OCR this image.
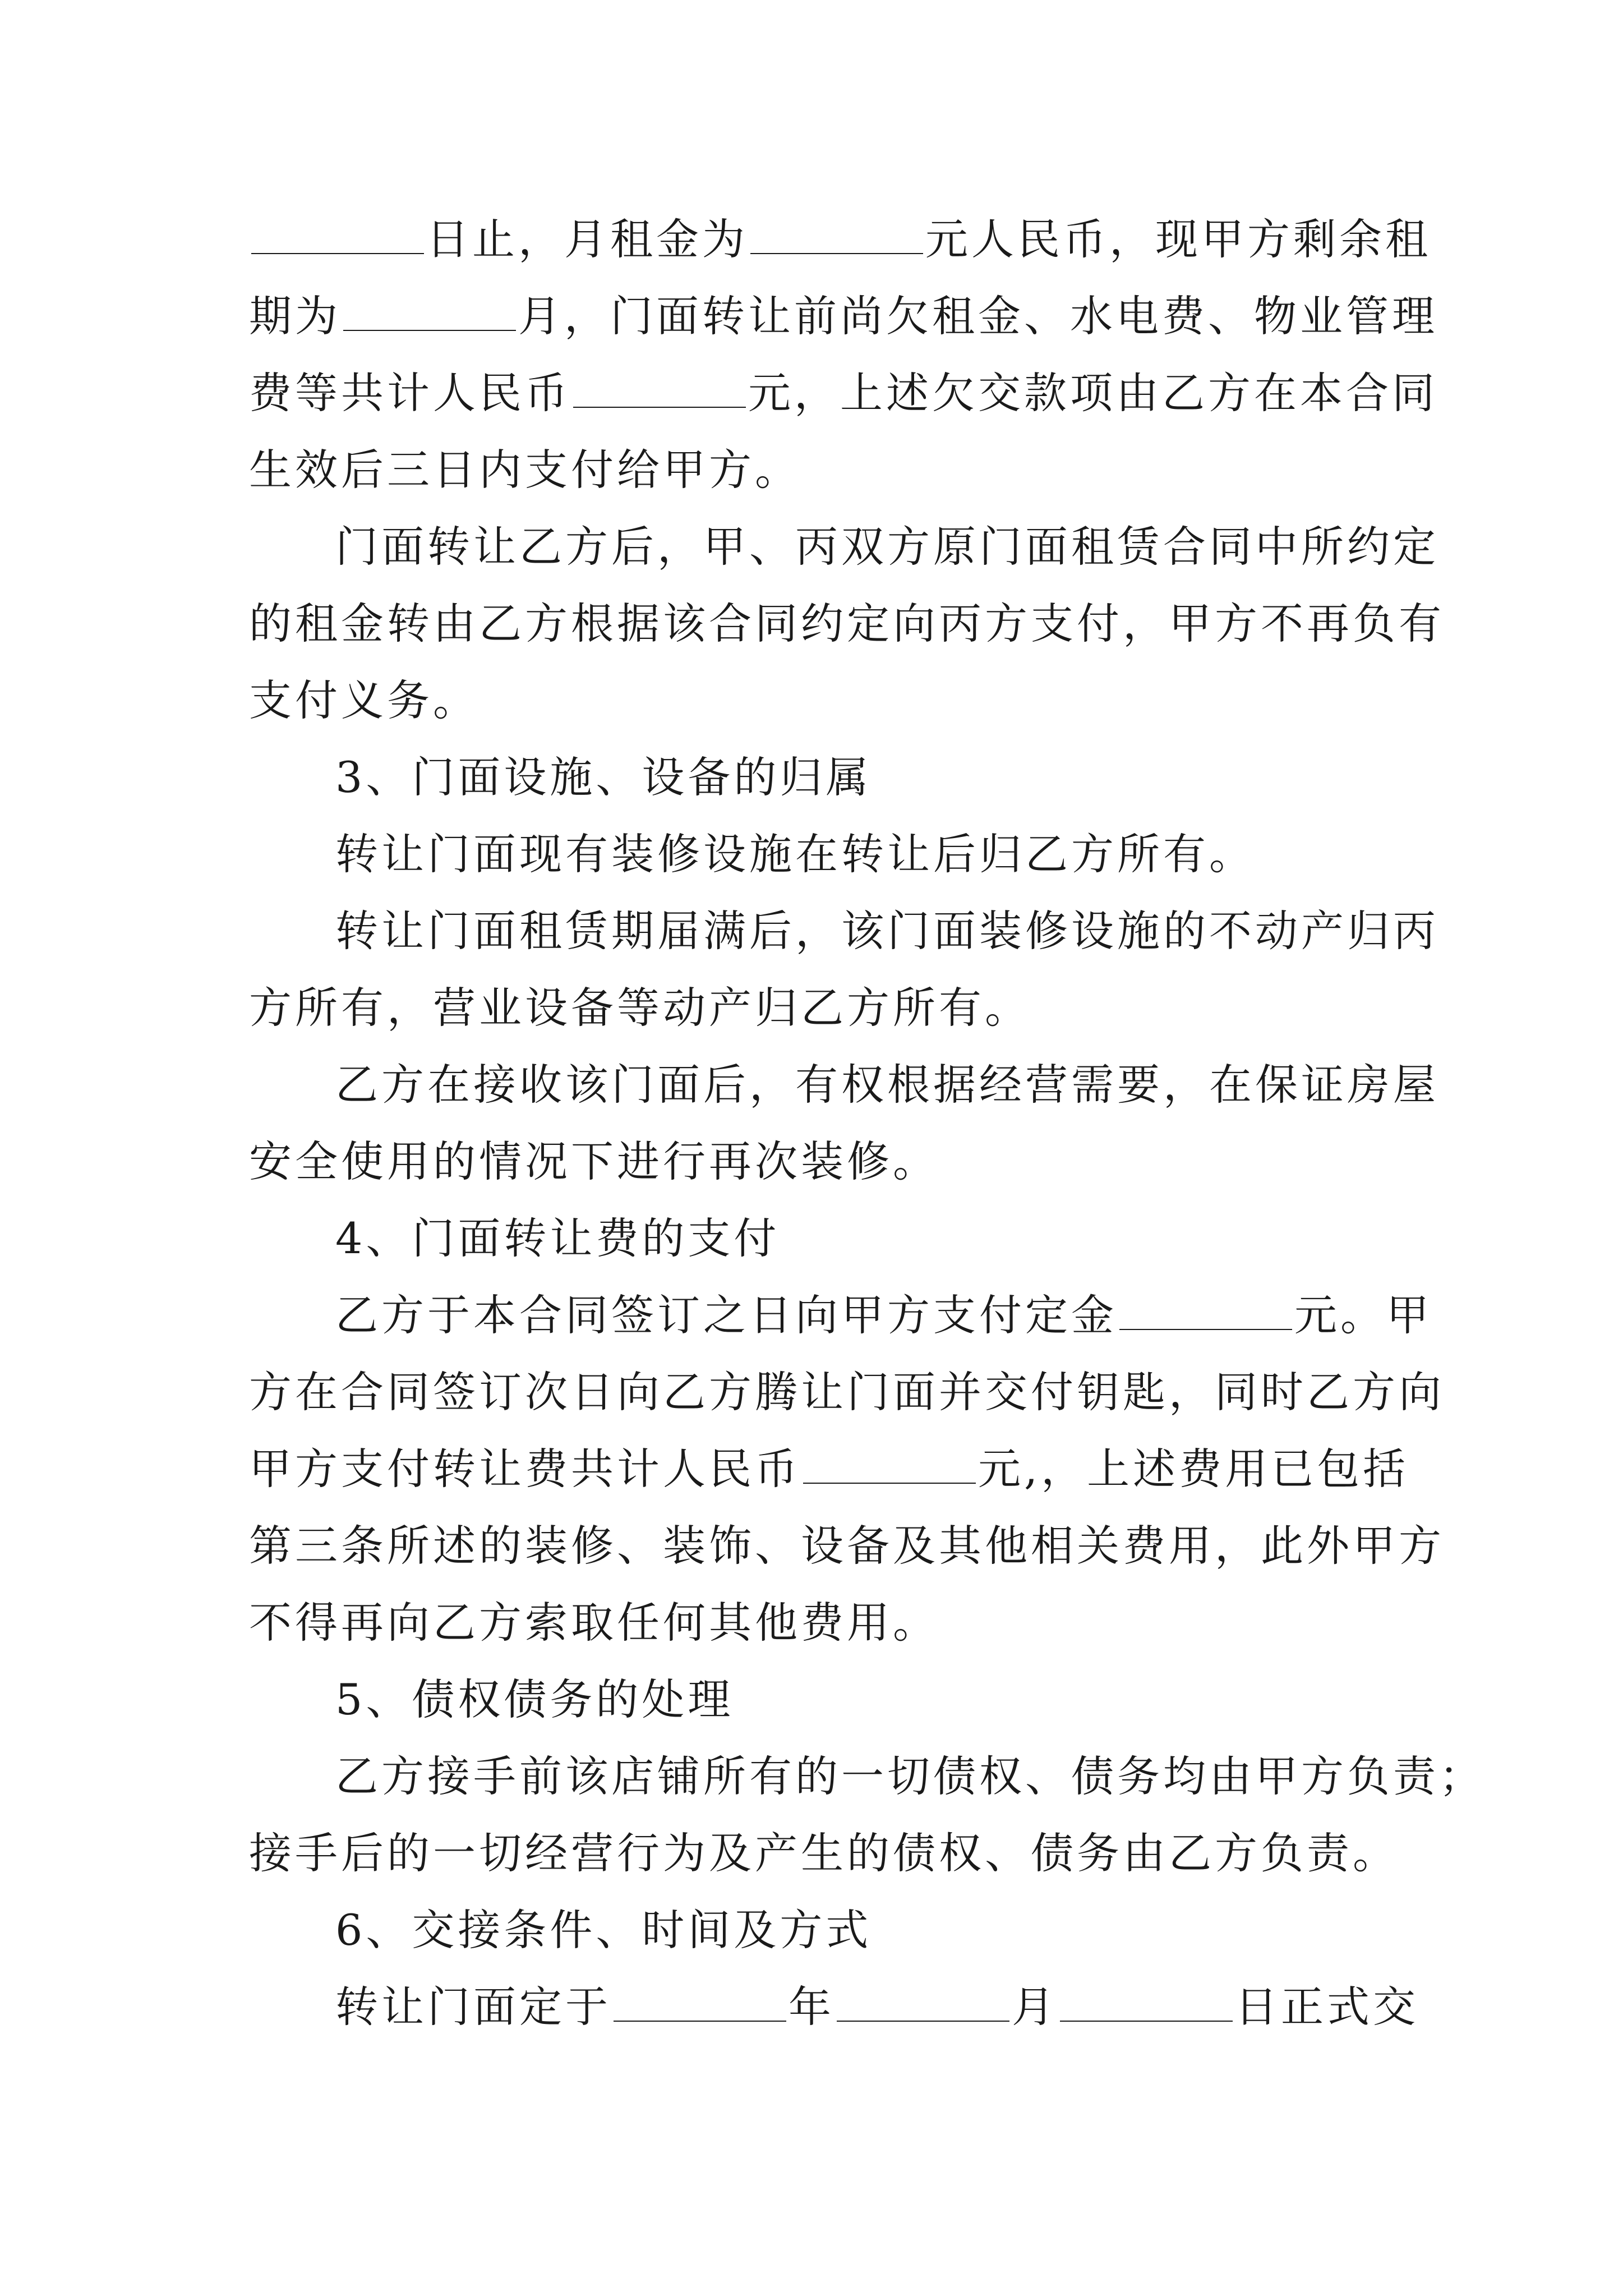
日止，月租金为	元人民币，现甲方剩余租
期为	月，门面转让前尚欠租金、水电费、物业管理
费等共计人民币	元，上述欠交款项由乙方在本合同
生效后三日内支付给甲方。
门面转让乙方后，甲、丙双方原门面租赁合同中所约定
的租金转由乙方根据该合同约定向丙方支付，甲方不再负有
支付义务。
3、门面设施、设备的归属
转让门面现有装修设施在转让后归乙方所有。
转让门面租赁期届满后，该门面装修设施的不动产归丙
方所有，营业设备等动产归乙方所有。
乙方在接收该门面后，有权根据经营需要，在保证房屋
安全使用的情况下进行再次装修。
4、门面转让费的支付
乙方于本合同签订之日向甲方支付定金	元。甲
方在合同签订次日向乙方腾让门面并交付钥匙，同时乙方向
甲方支付转让费共计人民币	元,，上述费用已包括
第三条所述的装修、装饰、设备及其他相关费用，此外甲方
不得再向乙方索取任何其他费用。
5、债权债务的处理
乙方接手前该店铺所有的一切债权、债务均由甲方负责；
接手后的一切经营行为及产生的债权、债务由乙方负责。
6、交接条件、时间及方式
转让门面定于	年	月	日正式交
